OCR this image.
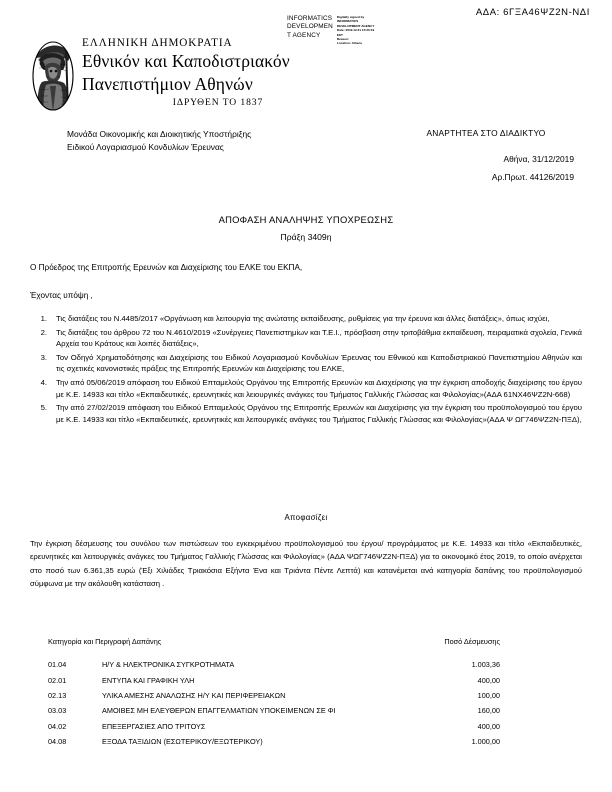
ΑΔΑ: 6ΓΞΑ46ΨΖ2Ν-ΝΔΙ
INFORMATICS
DEVELOPMEN
T AGENCY
Digitally signed by
INFORMATICS
DEVELOPMENT AGENCY
Date: 2019.12.31 15:20:19
EET
Reason:
Location: Athens
ΕΛΛΗΝΙΚΗ ΔΗΜΟΚΡΑΤΙΑ
Εθνικόν και Καποδιστριακόν
Πανεπιστήμιον Αθηνών
ΙΔΡΥΘΕΝ ΤΟ 1837
Μονάδα Οικονομικής και Διοικητικής Υποστήριξης
Ειδικού Λογαριασμού Κονδυλίων Έρευνας
ΑΝΑΡΤΗΤΕΑ ΣΤΟ ΔΙΑΔΙΚΤΥΟ
Αθήνα, 31/12/2019
Αρ.Πρωτ. 44126/2019
ΑΠΟΦΑΣΗ ΑΝΑΛΗΨΗΣ ΥΠΟΧΡΕΩΣΗΣ
Πράξη 3409η
Ο Πρόεδρος της Επιτροπής Ερευνών και Διαχείρισης του ΕΛΚΕ του ΕΚΠΑ,
Έχοντας υπόψη ,
1.	Τις διατάξεις του Ν.4485/2017 «Οργάνωση και λειτουργία της ανώτατης εκπαίδευσης, ρυθμίσεις για την έρευνα και άλλες διατάξεις», όπως ισχύει,
2.	Τις διατάξεις του άρθρου 72 του Ν.4610/2019 «Συνέργειες Πανεπιστημίων και Τ.Ε.Ι., πρόσβαση στην τριτοβάθμια εκπαίδευση, πειραματικά σχολεία, Γενικά Αρχεία του Κράτους και λοιπές διατάξεις»,
3.	Τον Οδηγό Χρηματοδότησης και Διαχείρισης του Ειδικού Λογαριασμού Κονδυλίων Έρευνας του Εθνικού και Καποδιστριακού Πανεπιστημίου Αθηνών και τις σχετικές κανονιστικές πράξεις της Επιτροπής Ερευνών και Διαχείρισης του ΕΛΚΕ,
4.	Την από 05/06/2019 απόφαση του Ειδικού Επταμελούς Οργάνου της Επιτροπής Ερευνών και Διαχείρισης για την έγκριση αποδοχής διαχείρισης του έργου με Κ.Ε. 14933 και τίτλο «Εκπαιδευτικές, ερευνητικές και λειουργικές ανάγκες του Τμήματος Γαλλικής Γλώσσας και Φιλολογίας»(ΑΔΑ 61ΝΧ46ΨΖ2Ν-668)
5.	Την από 27/02/2019 απόφαση του Ειδικού Επταμελούς Οργάνου της Επιτροπής Ερευνών και Διαχείρισης για την έγκριση του προϋπολογισμού του έργου με Κ.Ε. 14933 και τίτλο «Εκπαιδευτικές, ερευνητικές και λειτουργικές ανάγκες του Τμήματος Γαλλικής Γλώσσας και Φιλολογίας»(ΑΔΑ Ψ ΩΓ746ΨΖ2Ν-ΠΞΔ),
Αποφασίζει
Την έγκριση δέσμευσης του συνόλου των πιστώσεων του εγκεκριμένου προϋπολογισμού του έργου/ προγράμματος με Κ.Ε. 14933 και τίτλο «Εκπαιδευτικές, ερευνητικές και λειτουργικές ανάγκες του Τμήματος Γαλλικής Γλώσσας και Φιλολογίας» (ΑΔΑ ΨΩΓ746ΨΖ2Ν-ΠΞΔ) για το οικονομικό έτος 2019, το οποίο ανέρχεται στο ποσό των 6.361,35 ευρώ (Έξι Χιλιάδες Τριακόσια Εξήντα Ένα και Τριάντα Πέντε Λεπτά) και κατανέμεται ανά κατηγορία δαπάνης του προϋπολογισμού σύμφωνα με την ακόλουθη κατάσταση .
Κατηγορία και Περιγραφή Δαπάνης		Ποσό Δέσμευσης
01.04	Η/Υ & ΗΛΕΚΤΡΟΝΙΚΑ ΣΥΓΚΡΟΤΗΜΑΤΑ	1.003,36
02.01	ΕΝΤΥΠΑ ΚΑΙ ΓΡΑΦΙΚΗ ΥΛΗ	400,00
02.13	ΥΛΙΚΑ ΑΜΕΣΗΣ ΑΝΑΛΩΣΗΣ Η/Υ ΚΑΙ ΠΕΡΙΦΕΡΕΙΑΚΩΝ	100,00
03.03	ΑΜΟΙΒΕΣ ΜΗ ΕΛΕΥΘΕΡΩΝ ΕΠΑΓΓΕΛΜΑΤΙΩΝ ΥΠΟΚΕΙΜΕΝΩΝ ΣΕ ΦΙ	160,00
04.02	ΕΠΕΞΕΡΓΑΣΙΕΣ ΑΠΟ ΤΡΙΤΟΥΣ	400,00
04.08	ΕΞΟΔΑ ΤΑΞΙΔΙΩΝ (ΕΣΩΤΕΡΙΚΟΥ/ΕΞΩΤΕΡΙΚΟΥ)	1.000,00
